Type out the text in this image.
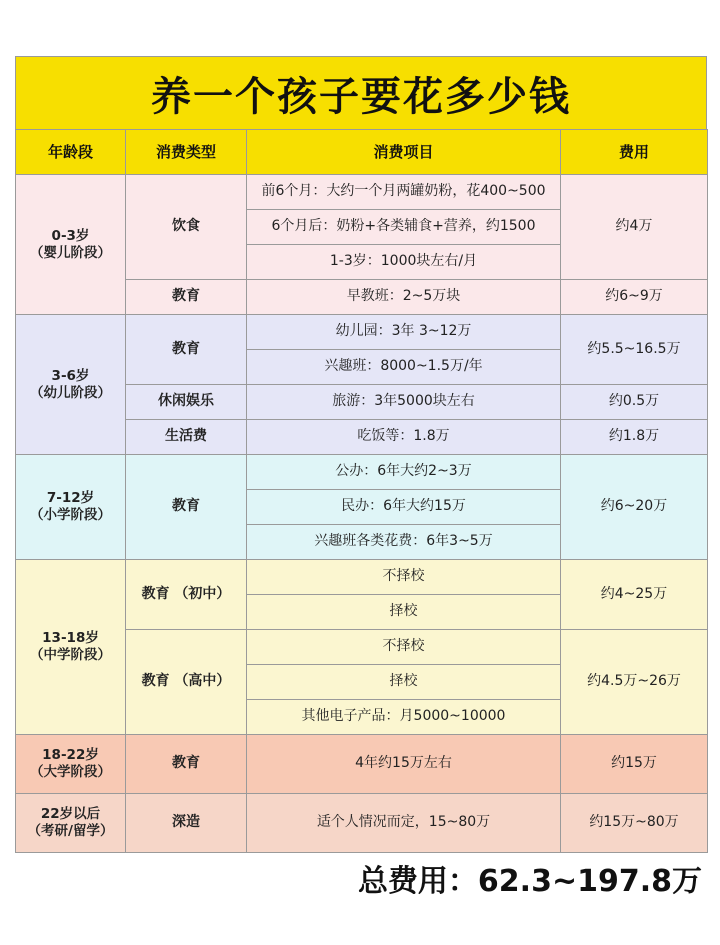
养一个孩子要花多少钱
年龄段	消费类型	消费项目	费用

0-3岁
（婴儿阶段）	饮食	前6个月：大约一个月两罐奶粉，花400~500	约4万
		6个月后：奶粉+各类辅食+营养，约1500	
		1-3岁：1000块左右/月	
	教育	早教班：2~5万块	约6~9万

3-6岁
（幼儿阶段）	教育	幼儿园：3年 3~12万	约5.5~16.5万
		兴趣班：8000~1.5万/年	
	休闲娱乐	旅游：3年5000块左右	约0.5万
	生活费	吃饭等：1.8万	约1.8万

7-12岁
（小学阶段）	教育	公办：6年大约2~3万	约6~20万
		民办：6年大约15万	
		兴趣班各类花费：6年3~5万	

13-18岁
（中学阶段）	教育 （初中）	不择校	约4~25万
		择校	
	教育 （高中）	不择校	约4.5万~26万
		择校	
		其他电子产品：月5000~10000	

18-22岁
（大学阶段）	教育	4年约15万左右	约15万

22岁以后
（考研/留学）	深造	适个人情况而定，15~80万	约15万~80万
总费用：62.3~197.8万
